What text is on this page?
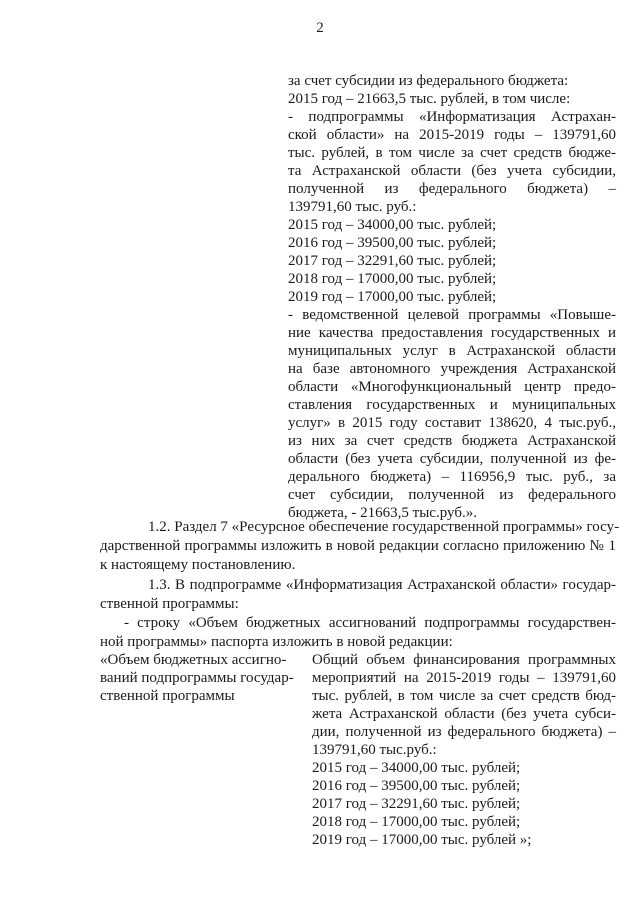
2
за счет субсидии из федерального бюджета:
2015 год – 21663,5 тыс. рублей, в том числе:
- подпрограммы «Информатизация Астрахан-
ской области» на 2015-2019 годы – 139791,60
тыс. рублей, в том числе за счет средств бюдже-
та Астраханской области (без учета субсидии,
полученной из федерального бюджета) –
139791,60 тыс. руб.:
2015 год – 34000,00 тыс. рублей;
2016 год – 39500,00 тыс. рублей;
2017 год – 32291,60 тыс. рублей;
2018 год – 17000,00 тыс. рублей;
2019 год – 17000,00 тыс. рублей;
- ведомственной целевой программы «Повыше-
ние качества предоставления государственных и
муниципальных услуг в Астраханской области
на базе автономного учреждения Астраханской
области «Многофункциональный центр предо-
ставления государственных и муниципальных
услуг» в 2015 году составит 138620, 4 тыс.руб.,
из них за счет средств бюджета Астраханской
области (без учета субсидии, полученной из фе-
дерального бюджета) – 116956,9 тыс. руб., за
счет субсидии, полученной из федерального
бюджета, - 21663,5 тыс.руб.».
1.2. Раздел 7 «Ресурсное обеспечение государственной программы» госу-
дарственной программы изложить в новой редакции согласно приложению № 1
к настоящему постановлению.
1.3. В подпрограмме «Информатизация Астраханской области» государ-
ственной программы:
- строку «Объем бюджетных ассигнований подпрограммы государствен-
«Объем бюджетных ассигно-
ваний подпрограммы государ-
ственной программы
Общий объем финансирования программных
мероприятий на 2015-2019 годы – 139791,60
тыс. рублей, в том числе за счет средств бюд-
жета Астраханской области (без учета субси-
дии, полученной из федерального бюджета) –
139791,60 тыс.руб.:
2015 год – 34000,00 тыс. рублей;
2016 год – 39500,00 тыс. рублей;
2017 год – 32291,60 тыс. рублей;
2018 год – 17000,00 тыс. рублей;
2019 год – 17000,00 тыс. рублей »;
ной программы» паспорта изложить в новой редакции:
